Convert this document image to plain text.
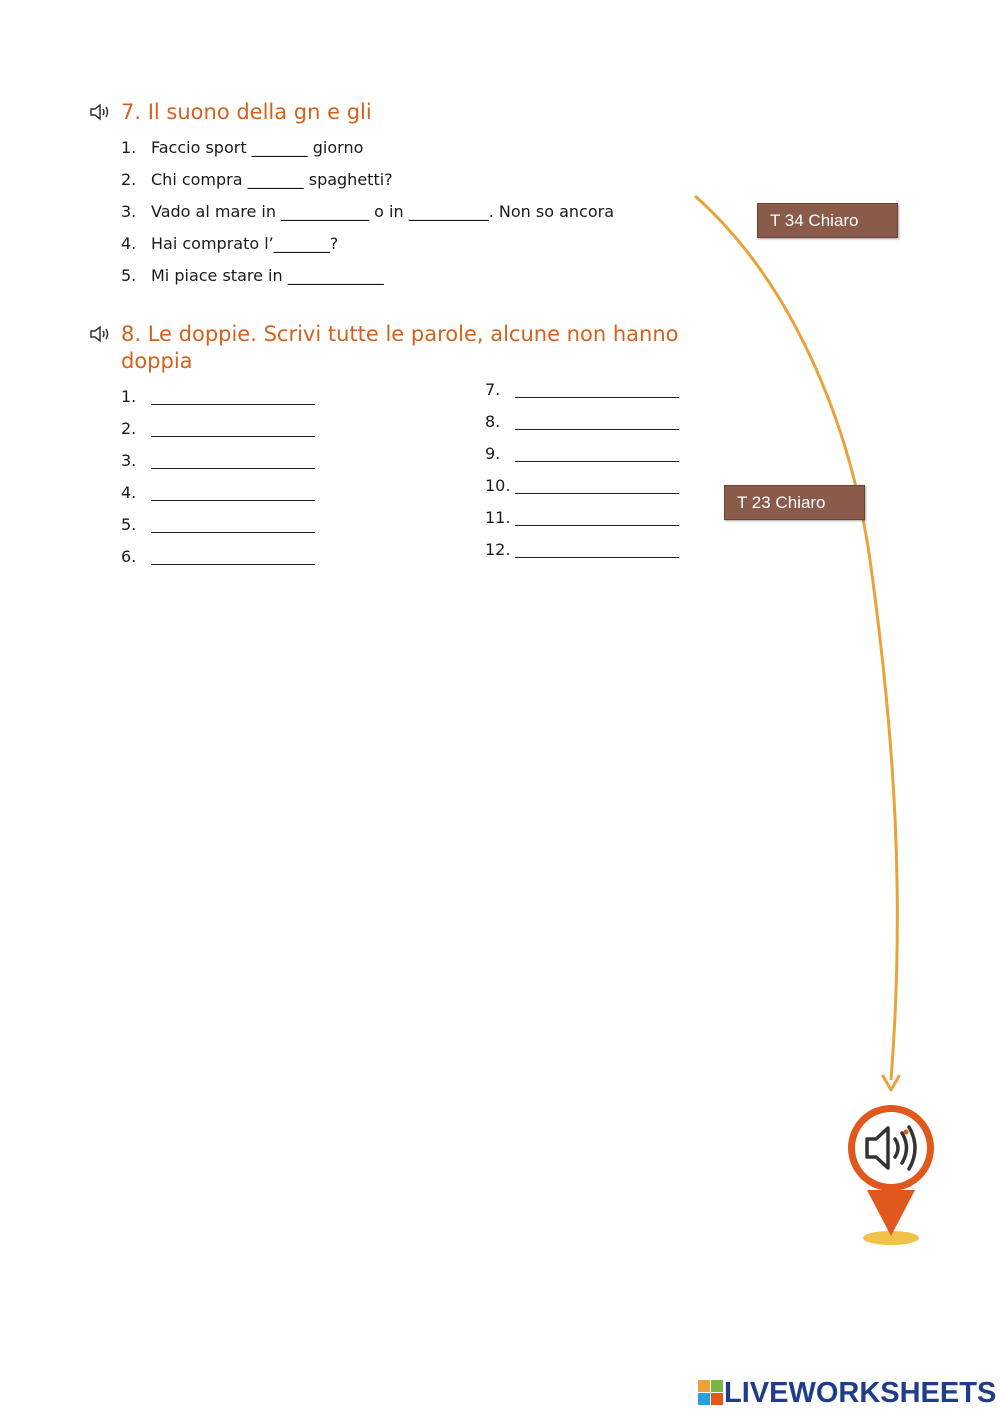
7. Il suono della gn e gli
1. Faccio sport _______ giorno
2. Chi compra _______ spaghetti?
3. Vado al mare in ___________ o in __________. Non so ancora
4. Hai comprato l’_______?
5. Mi piace stare in ____________
8. Le doppie. Scrivi tutte le parole, alcune non hanno
doppia
1.
2.
3.
4.
5.
6.
7.
8.
9.
10.
11.
12.
T 34 Chiaro
T 23 Chiaro
LIVEWORKSHEETS
